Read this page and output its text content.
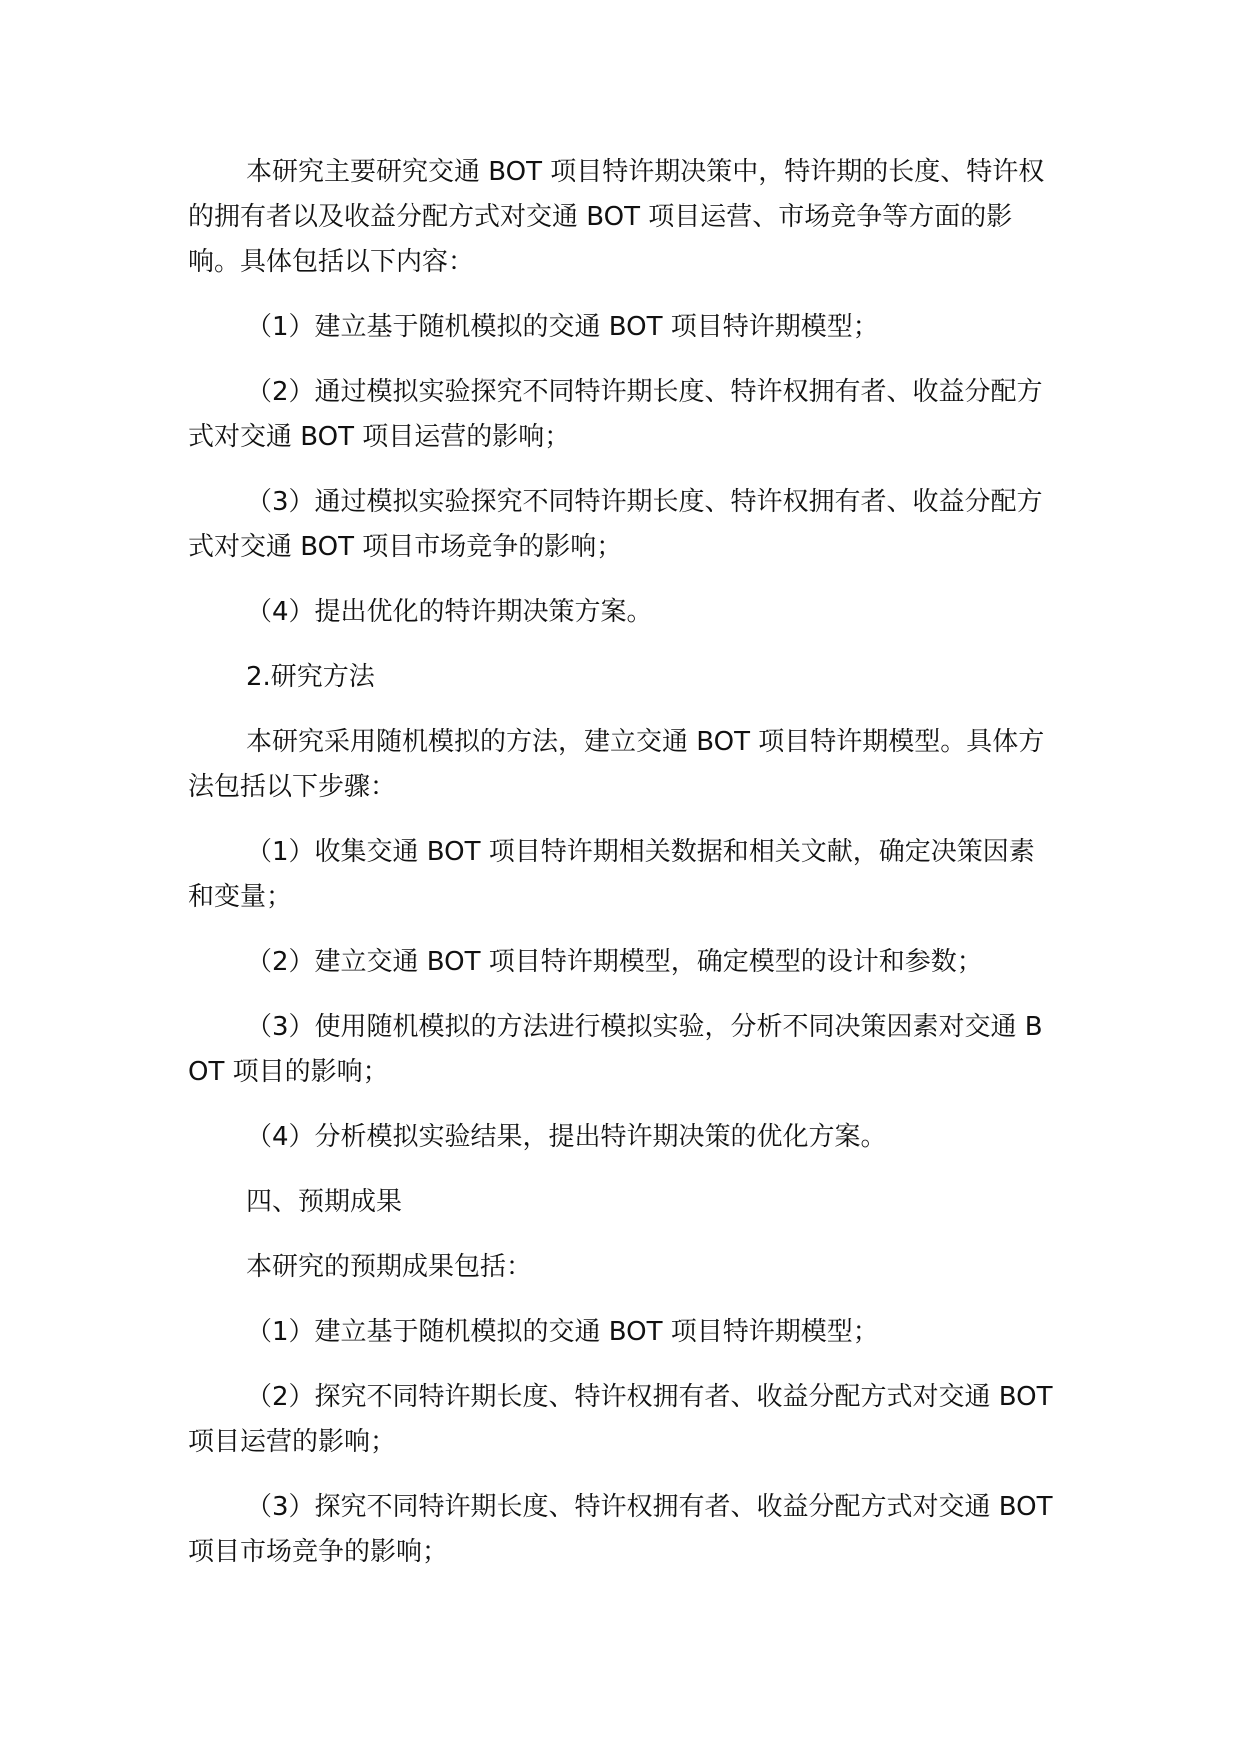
本研究主要研究交通 BOT 项目特许期决策中，特许期的长度、特许权的拥有者以及收益分配方式对交通 BOT 项目运营、市场竞争等方面的影响。具体包括以下内容：

（1）建立基于随机模拟的交通 BOT 项目特许期模型；

（2）通过模拟实验探究不同特许期长度、特许权拥有者、收益分配方式对交通 BOT 项目运营的影响；

（3）通过模拟实验探究不同特许期长度、特许权拥有者、收益分配方式对交通 BOT 项目市场竞争的影响；

（4）提出优化的特许期决策方案。

2.研究方法

本研究采用随机模拟的方法，建立交通 BOT 项目特许期模型。具体方法包括以下步骤：

（1）收集交通 BOT 项目特许期相关数据和相关文献，确定决策因素和变量；

（2）建立交通 BOT 项目特许期模型，确定模型的设计和参数；

（3）使用随机模拟的方法进行模拟实验，分析不同决策因素对交通 BOT 项目的影响；

（4）分析模拟实验结果，提出特许期决策的优化方案。

四、预期成果

本研究的预期成果包括：

（1）建立基于随机模拟的交通 BOT 项目特许期模型；

（2）探究不同特许期长度、特许权拥有者、收益分配方式对交通 BOT 项目运营的影响；

（3）探究不同特许期长度、特许权拥有者、收益分配方式对交通 BOT 项目市场竞争的影响；
